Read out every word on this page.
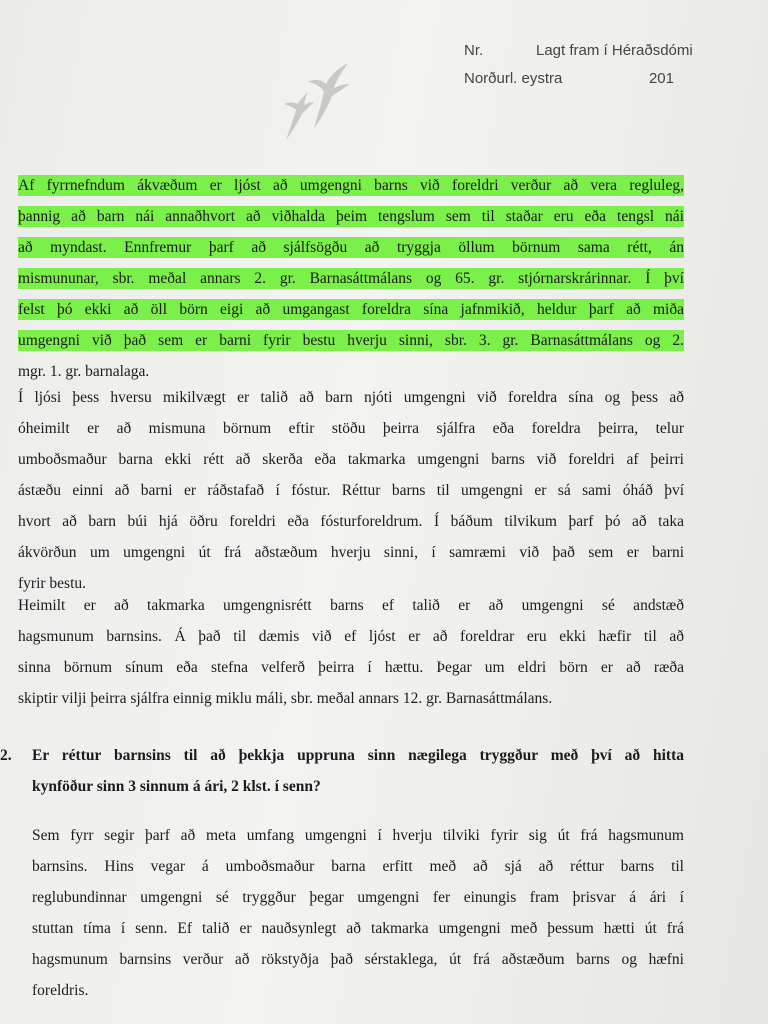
Nr.	Lagt fram í Héraðsdómi
Norðurl. eystra	201

Af fyrrnefndum ákvæðum er ljóst að umgengni barns við foreldri verður að vera regluleg,
þannig að barn nái annaðhvort að viðhalda þeim tengslum sem til staðar eru eða tengsl nái
að myndast. Ennfremur þarf að sjálfsögðu að tryggja öllum börnum sama rétt, án
mismununar, sbr. meðal annars 2. gr. Barnasáttmálans og 65. gr. stjórnarskrárinnar. Í því
felst þó ekki að öll börn eigi að umgangast foreldra sína jafnmikið, heldur þarf að miða
umgengni við það sem er barni fyrir bestu hverju sinni, sbr. 3. gr. Barnasáttmálans og 2.
mgr. 1. gr. barnalaga.

Í ljósi þess hversu mikilvægt er talið að barn njóti umgengni við foreldra sína og þess að
óheimilt er að mismuna börnum eftir stöðu þeirra sjálfra eða foreldra þeirra, telur
umboðsmaður barna ekki rétt að skerða eða takmarka umgengni barns við foreldri af þeirri
ástæðu einni að barni er ráðstafað í fóstur. Réttur barns til umgengni er sá sami óháð því
hvort að barn búi hjá öðru foreldri eða fósturforeldrum. Í báðum tilvikum þarf þó að taka
ákvörðun um umgengni út frá aðstæðum hverju sinni, í samræmi við það sem er barni
fyrir bestu.

Heimilt er að takmarka umgengnisrétt barns ef talið er að umgengni sé andstæð
hagsmunum barnsins. Á það til dæmis við ef ljóst er að foreldrar eru ekki hæfir til að
sinna börnum sínum eða stefna velferð þeirra í hættu. Þegar um eldri börn er að ræða
skiptir vilji þeirra sjálfra einnig miklu máli, sbr. meðal annars 12. gr. Barnasáttmálans.

2. Er réttur barnsins til að þekkja uppruna sinn nægilega tryggður með því að hitta
kynföður sinn 3 sinnum á ári, 2 klst. í senn?

Sem fyrr segir þarf að meta umfang umgengni í hverju tilviki fyrir sig út frá hagsmunum
barnsins. Hins vegar á umboðsmaður barna erfitt með að sjá að réttur barns til
reglubundinnar umgengni sé tryggður þegar umgengni fer einungis fram þrisvar á ári í
stuttan tíma í senn. Ef talið er nauðsynlegt að takmarka umgengni með þessum hætti út frá
hagsmunum barnsins verður að rökstyðja það sérstaklega, út frá aðstæðum barns og hæfni
foreldris.
